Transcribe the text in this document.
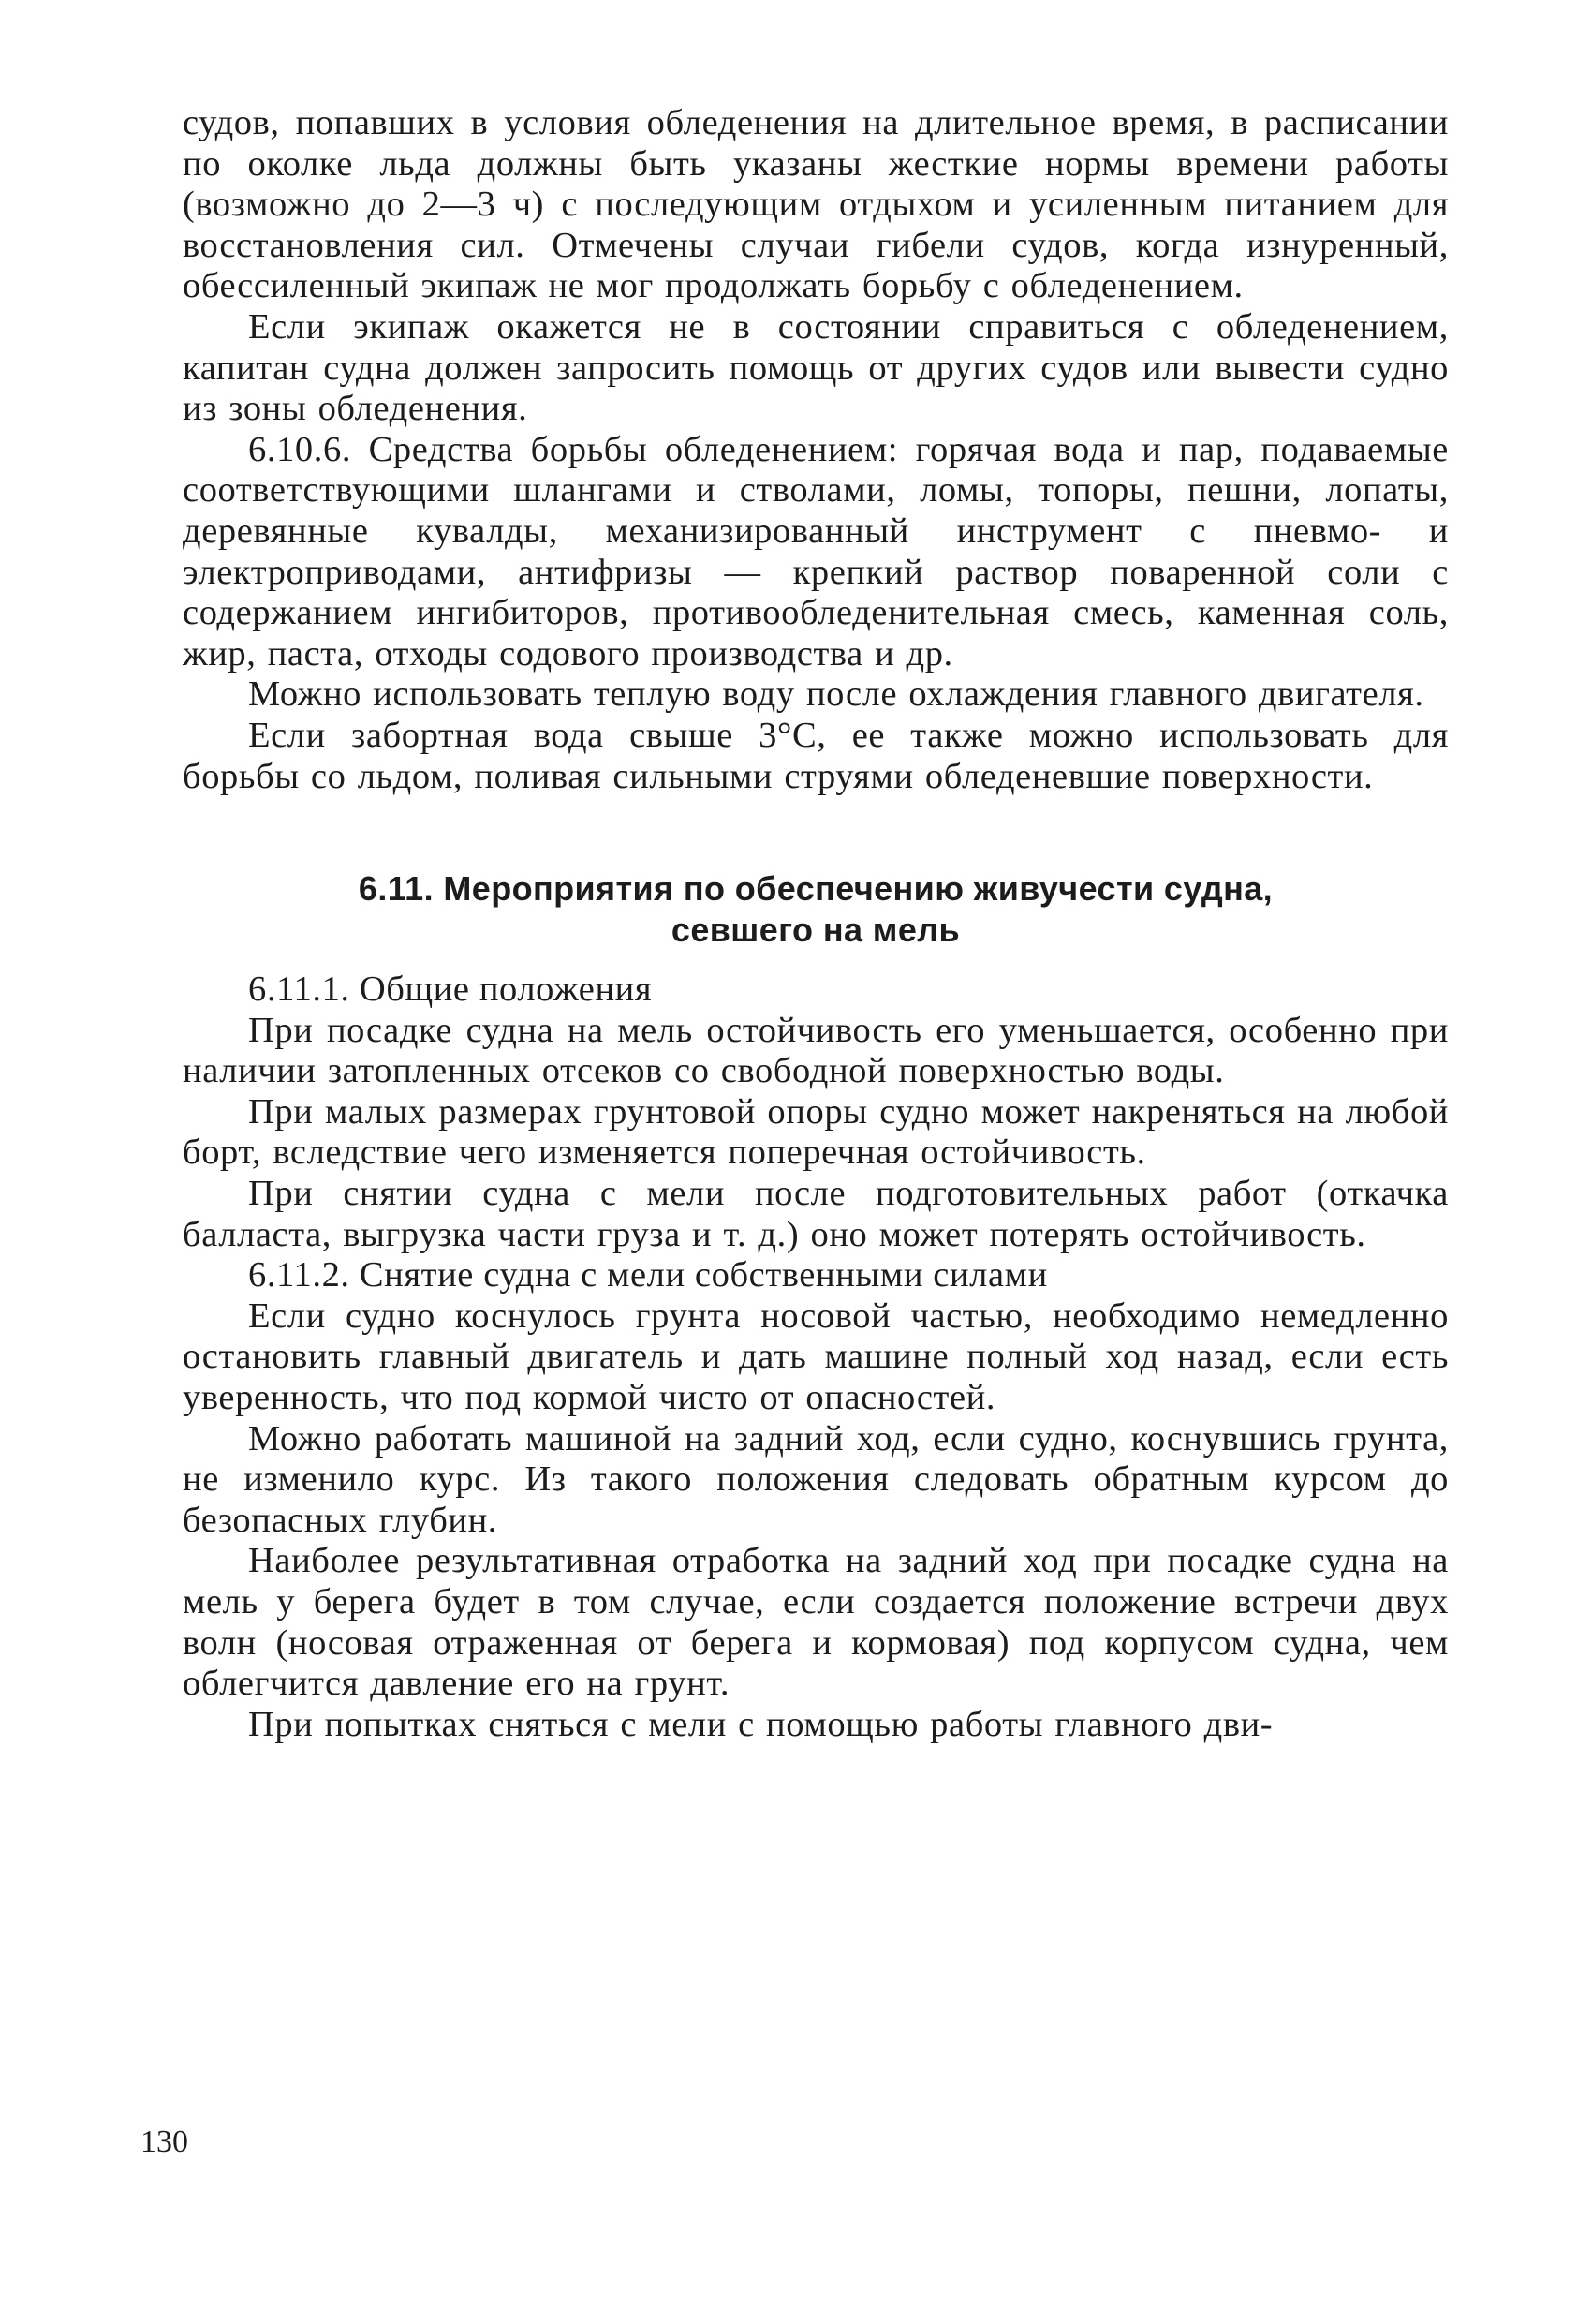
судов, попавших в условия обледенения на длительное время, в расписании по околке льда должны быть указаны жесткие нормы времени работы (возможно до 2—3 ч) с последующим отдыхом и усиленным питанием для восстановления сил. Отмечены случаи гибели судов, когда изнуренный, обессиленный экипаж не мог продолжать борьбу с обледенением.

Если экипаж окажется не в состоянии справиться с обледенением, капитан судна должен запросить помощь от других судов или вывести судно из зоны обледенения.

6.10.6. Средства борьбы обледенением: горячая вода и пар, подаваемые соответствующими шлангами и стволами, ломы, топоры, пешни, лопаты, деревянные кувалды, механизированный инструмент с пневмо- и электроприводами, антифризы — крепкий раствор поваренной соли с содержанием ингибиторов, противообледенительная смесь, каменная соль, жир, паста, отходы содового производства и др.

Можно использовать теплую воду после охлаждения главного двигателя.

Если забортная вода свыше 3°С, ее также можно использовать для борьбы со льдом, поливая сильными струями обледеневшие поверхности.

6.11. Мероприятия по обеспечению живучести судна,

севшего на мель

6.11.1. Общие положения

При посадке судна на мель остойчивость его уменьшается, особенно при наличии затопленных отсеков со свободной поверхностью воды.

При малых размерах грунтовой опоры судно может накреняться на любой борт, вследствие чего изменяется поперечная остойчивость.

При снятии судна с мели после подготовительных работ (откачка балласта, выгрузка части груза и т. д.) оно может потерять остойчивость.

6.11.2. Снятие судна с мели собственными силами

Если судно коснулось грунта носовой частью, необходимо немедленно остановить главный двигатель и дать машине полный ход назад, если есть уверенность, что под кормой чисто от опасностей.

Можно работать машиной на задний ход, если судно, коснувшись грунта, не изменило курс. Из такого положения следовать обратным курсом до безопасных глубин.

Наиболее результативная отработка на задний ход при посадке судна на мель у берега будет в том случае, если создается положение встречи двух волн (носовая отраженная от берега и кормовая) под корпусом судна, чем облегчится давление его на грунт.

При попытках сняться с мели с помощью работы главного дви-

130
